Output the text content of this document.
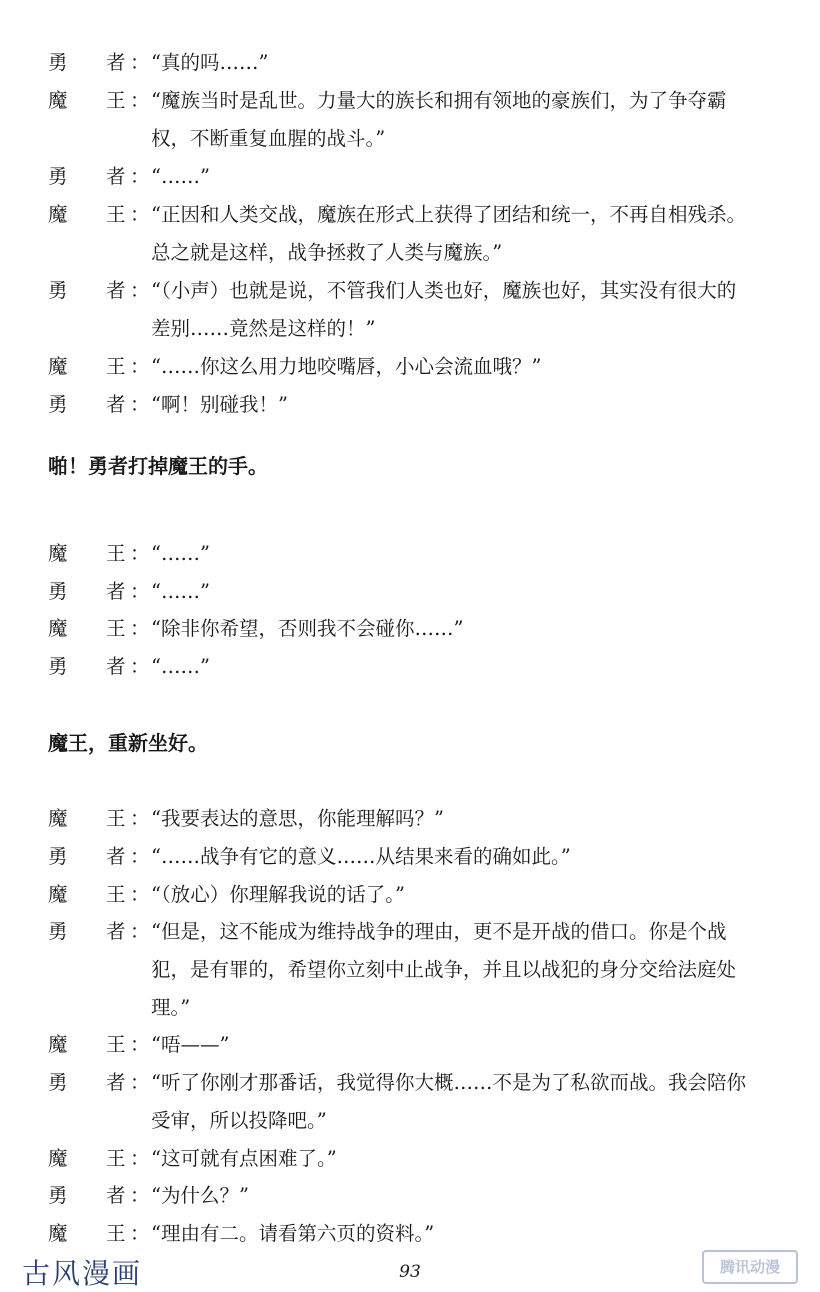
勇 者 ： “真的吗……”
魔 王 ： “魔族当时是乱世。力量大的族长和拥有领地的豪族们，为了争夺霸
权，不断重复血腥的战斗。”
勇 者 ： “……”
魔 王 ： “正因和人类交战，魔族在形式上获得了团结和统一，不再自相残杀。
总之就是这样，战争拯救了人类与魔族。”
勇 者 ： “（小声）也就是说，不管我们人类也好，魔族也好，其实没有很大的
差别……竟然是这样的！”
魔 王 ： “……你这么用力地咬嘴唇，小心会流血哦？”
勇 者 ： “啊！别碰我！”
魔 王 ： “……”
勇 者 ： “……”
魔 王 ： “除非你希望，否则我不会碰你……”
勇 者 ： “……”
魔 王 ： “我要表达的意思，你能理解吗？”
勇 者 ： “……战争有它的意义……从结果来看的确如此。”
魔 王 ： “（放心）你理解我说的话了。”
勇 者 ： “但是，这不能成为维持战争的理由，更不是开战的借口。你是个战
犯，是有罪的，希望你立刻中止战争，并且以战犯的身分交给法庭处
理。”
魔 王 ： “唔——”
勇 者 ： “听了你刚才那番话，我觉得你大概……不是为了私欲而战。我会陪你
受审，所以投降吧。”
魔 王 ： “这可就有点困难了。”
勇 者 ： “为什么？”
魔 王 ： “理由有二。请看第六页的资料。”
啪！勇者打掉魔王的手。
魔王，重新坐好。
93
古风漫画	腾讯动漫
